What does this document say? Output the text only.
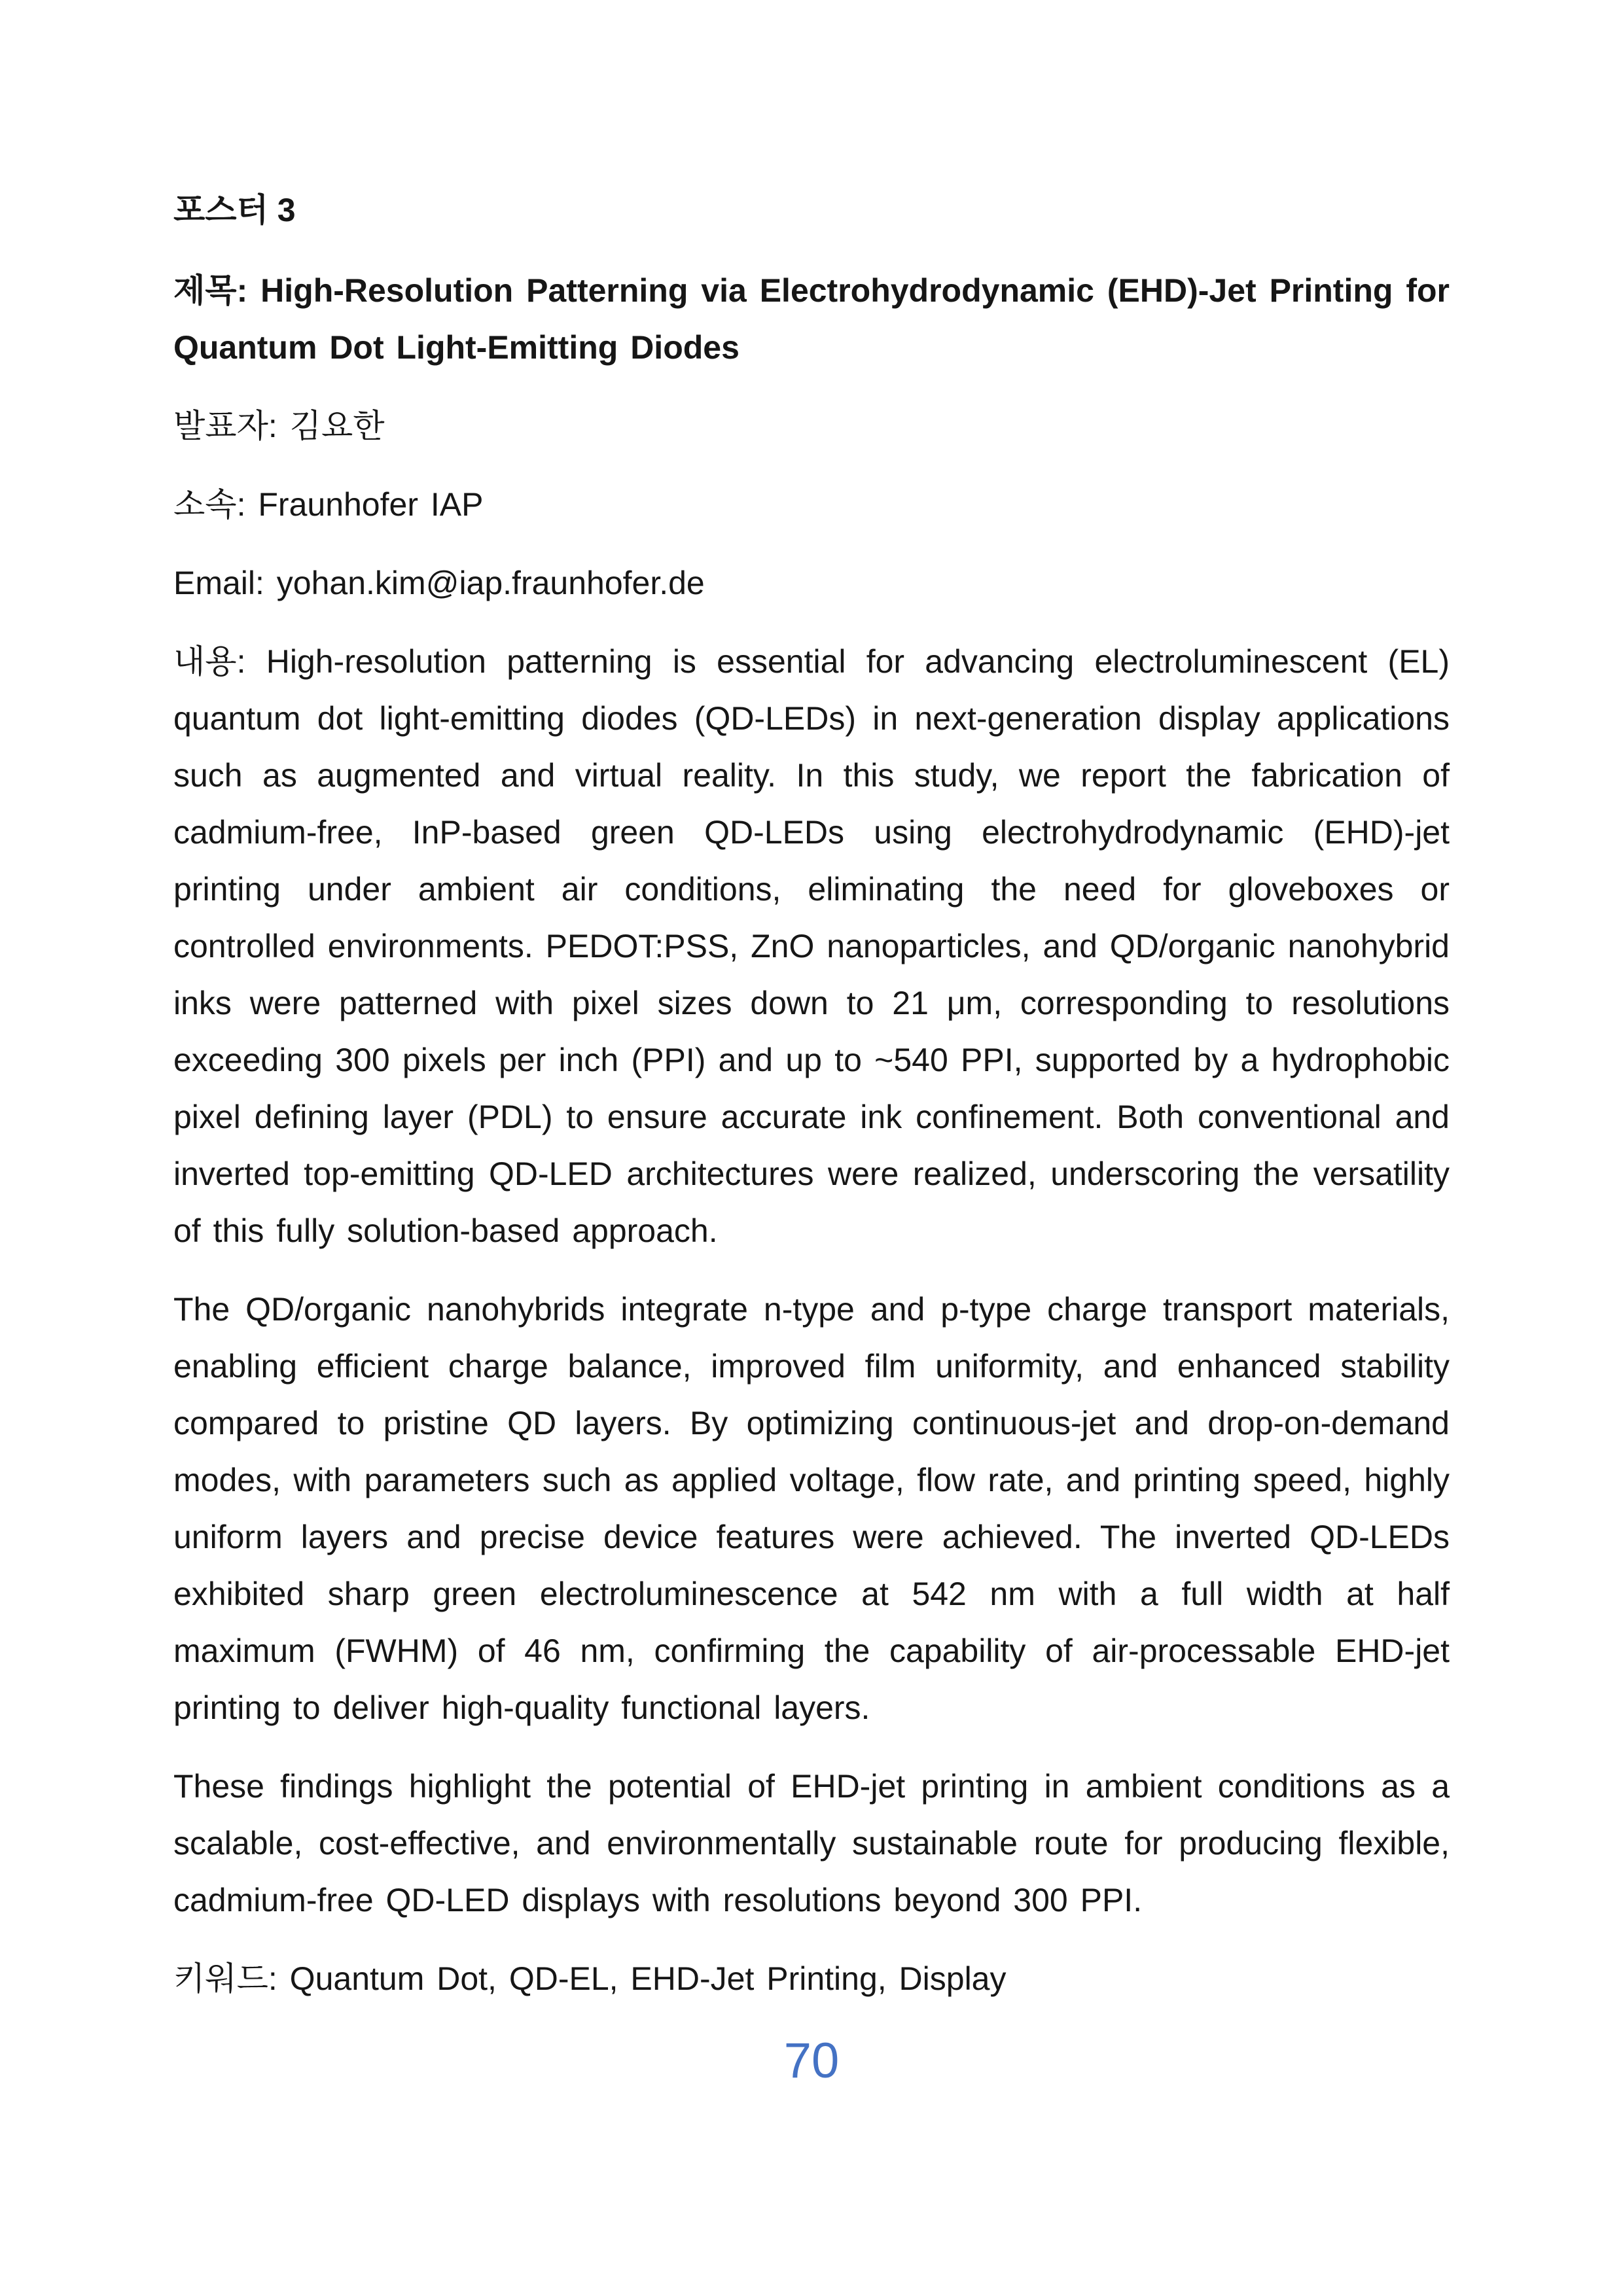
포스터 3

제목: High-Resolution Patterning via Electrohydrodynamic (EHD)-Jet Printing for Quantum Dot Light-Emitting Diodes

발표자: 김요한

소속: Fraunhofer IAP

Email: yohan.kim@iap.fraunhofer.de

내용: High-resolution patterning is essential for advancing electroluminescent (EL) quantum dot light-emitting diodes (QD-LEDs) in next-generation display applications such as augmented and virtual reality. In this study, we report the fabrication of cadmium-free, InP-based green QD-LEDs using electrohydrodynamic (EHD)-jet printing under ambient air conditions, eliminating the need for gloveboxes or controlled environments. PEDOT:PSS, ZnO nanoparticles, and QD/organic nanohybrid inks were patterned with pixel sizes down to 21 μm, corresponding to resolutions exceeding 300 pixels per inch (PPI) and up to ~540 PPI, supported by a hydrophobic pixel defining layer (PDL) to ensure accurate ink confinement. Both conventional and inverted top-emitting QD-LED architectures were realized, underscoring the versatility of this fully solution-based approach.

The QD/organic nanohybrids integrate n-type and p-type charge transport materials, enabling efficient charge balance, improved film uniformity, and enhanced stability compared to pristine QD layers. By optimizing continuous-jet and drop-on-demand modes, with parameters such as applied voltage, flow rate, and printing speed, highly uniform layers and precise device features were achieved. The inverted QD-LEDs exhibited sharp green electroluminescence at 542 nm with a full width at half maximum (FWHM) of 46 nm, confirming the capability of air-processable EHD-jet printing to deliver high-quality functional layers.

These findings highlight the potential of EHD-jet printing in ambient conditions as a scalable, cost-effective, and environmentally sustainable route for producing flexible, cadmium-free QD-LED displays with resolutions beyond 300 PPI.

키워드: Quantum Dot, QD-EL, EHD-Jet Printing, Display

70
